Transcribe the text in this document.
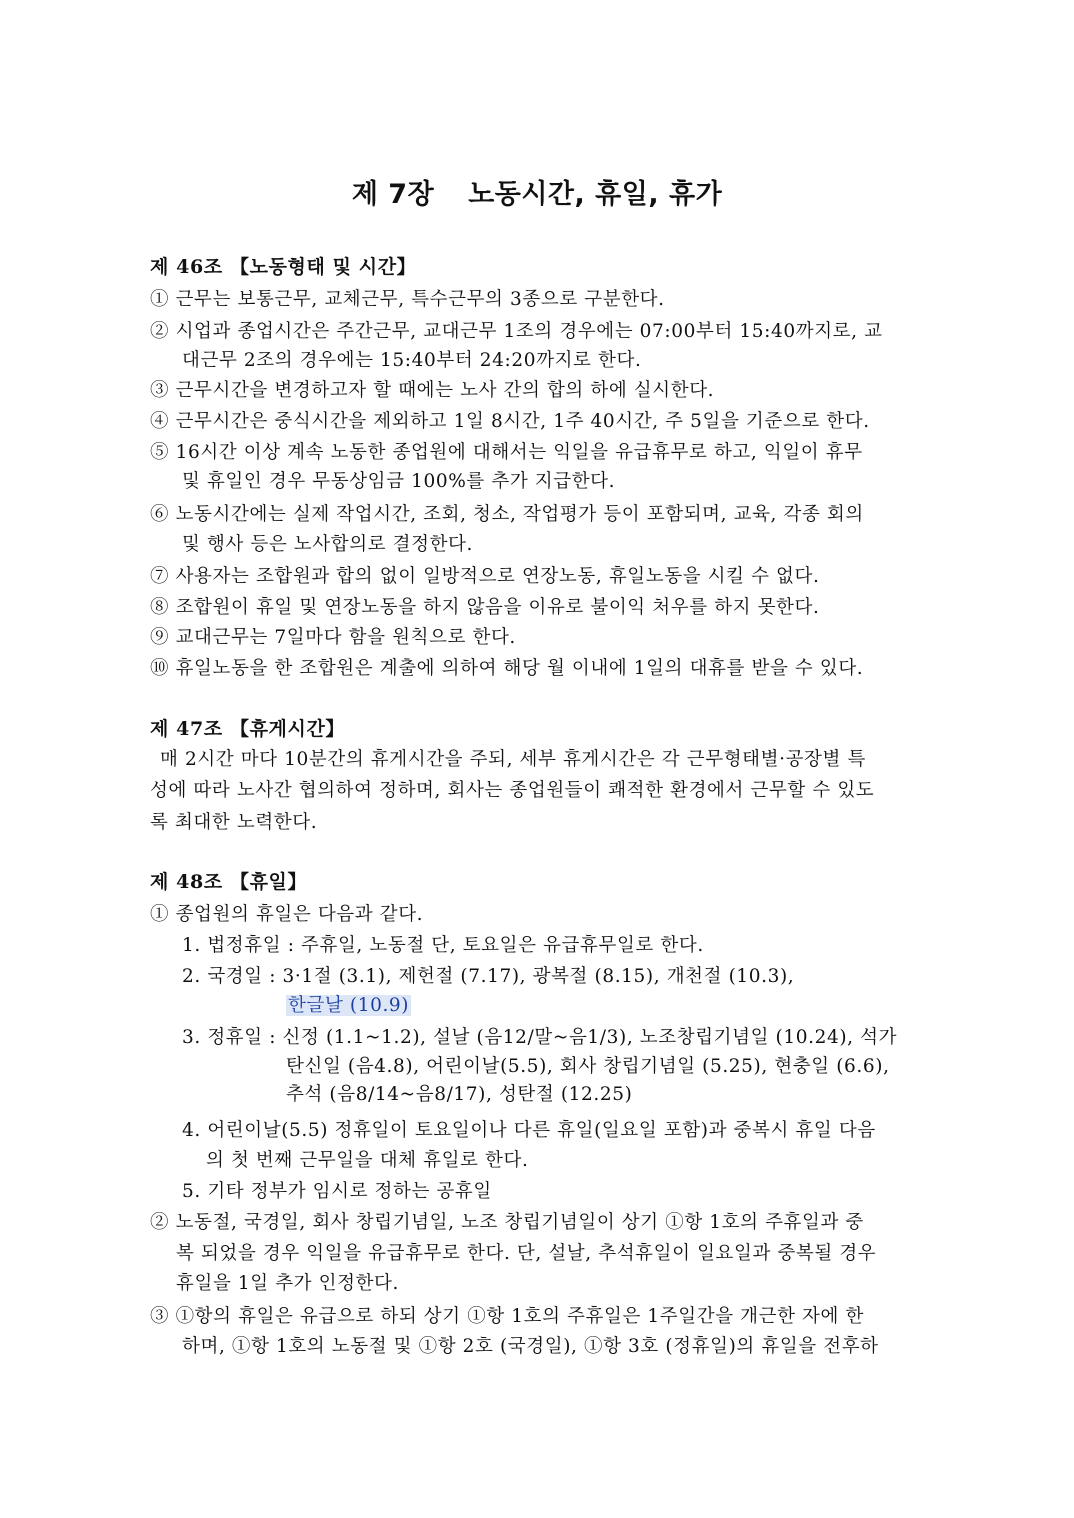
제 7장 노동시간, 휴일, 휴가
제 46조 【노동형태 및 시간】
① 근무는 보통근무, 교체근무, 특수근무의 3종으로 구분한다.
② 시업과 종업시간은 주간근무, 교대근무 1조의 경우에는 07:00부터 15:40까지로, 교
대근무 2조의 경우에는 15:40부터 24:20까지로 한다.
③ 근무시간을 변경하고자 할 때에는 노사 간의 합의 하에 실시한다.
④ 근무시간은 중식시간을 제외하고 1일 8시간, 1주 40시간, 주 5일을 기준으로 한다.
⑤ 16시간 이상 계속 노동한 종업원에 대해서는 익일을 유급휴무로 하고, 익일이 휴무
및 휴일인 경우 무동상임금 100%를 추가 지급한다.
⑥ 노동시간에는 실제 작업시간, 조회, 청소, 작업평가 등이 포함되며, 교육, 각종 회의
및 행사 등은 노사합의로 결정한다.
⑦ 사용자는 조합원과 합의 없이 일방적으로 연장노동, 휴일노동을 시킬 수 없다.
⑧ 조합원이 휴일 및 연장노동을 하지 않음을 이유로 불이익 처우를 하지 못한다.
⑨ 교대근무는 7일마다 함을 원칙으로 한다.
⑩ 휴일노동을 한 조합원은 계출에 의하여 해당 월 이내에 1일의 대휴를 받을 수 있다.
제 47조 【휴게시간】
매 2시간 마다 10분간의 휴게시간을 주되, 세부 휴게시간은 각 근무형태별·공장별 특
성에 따라 노사간 협의하여 정하며, 회사는 종업원들이 쾌적한 환경에서 근무할 수 있도
록 최대한 노력한다.
제 48조 【휴일】
① 종업원의 휴일은 다음과 같다.
1. 법정휴일 : 주휴일, 노동절 단, 토요일은 유급휴무일로 한다.
2. 국경일 : 3·1절 (3.1), 제헌절 (7.17), 광복절 (8.15), 개천절 (10.3),
한글날 (10.9)
3. 정휴일 : 신정 (1.1~1.2), 설날 (음12/말~음1/3), 노조창립기념일 (10.24), 석가
탄신일 (음4.8), 어린이날(5.5), 회사 창립기념일 (5.25), 현충일 (6.6),
추석 (음8/14~음8/17), 성탄절 (12.25)
4. 어린이날(5.5) 정휴일이 토요일이나 다른 휴일(일요일 포함)과 중복시 휴일 다음
의 첫 번째 근무일을 대체 휴일로 한다.
5. 기타 정부가 임시로 정하는 공휴일
② 노동절, 국경일, 회사 창립기념일, 노조 창립기념일이 상기 ①항 1호의 주휴일과 중
복 되었을 경우 익일을 유급휴무로 한다. 단, 설날, 추석휴일이 일요일과 중복될 경우
휴일을 1일 추가 인정한다.
③ ①항의 휴일은 유급으로 하되 상기 ①항 1호의 주휴일은 1주일간을 개근한 자에 한
하며, ①항 1호의 노동절 및 ①항 2호 (국경일), ①항 3호 (정휴일)의 휴일을 전후하
